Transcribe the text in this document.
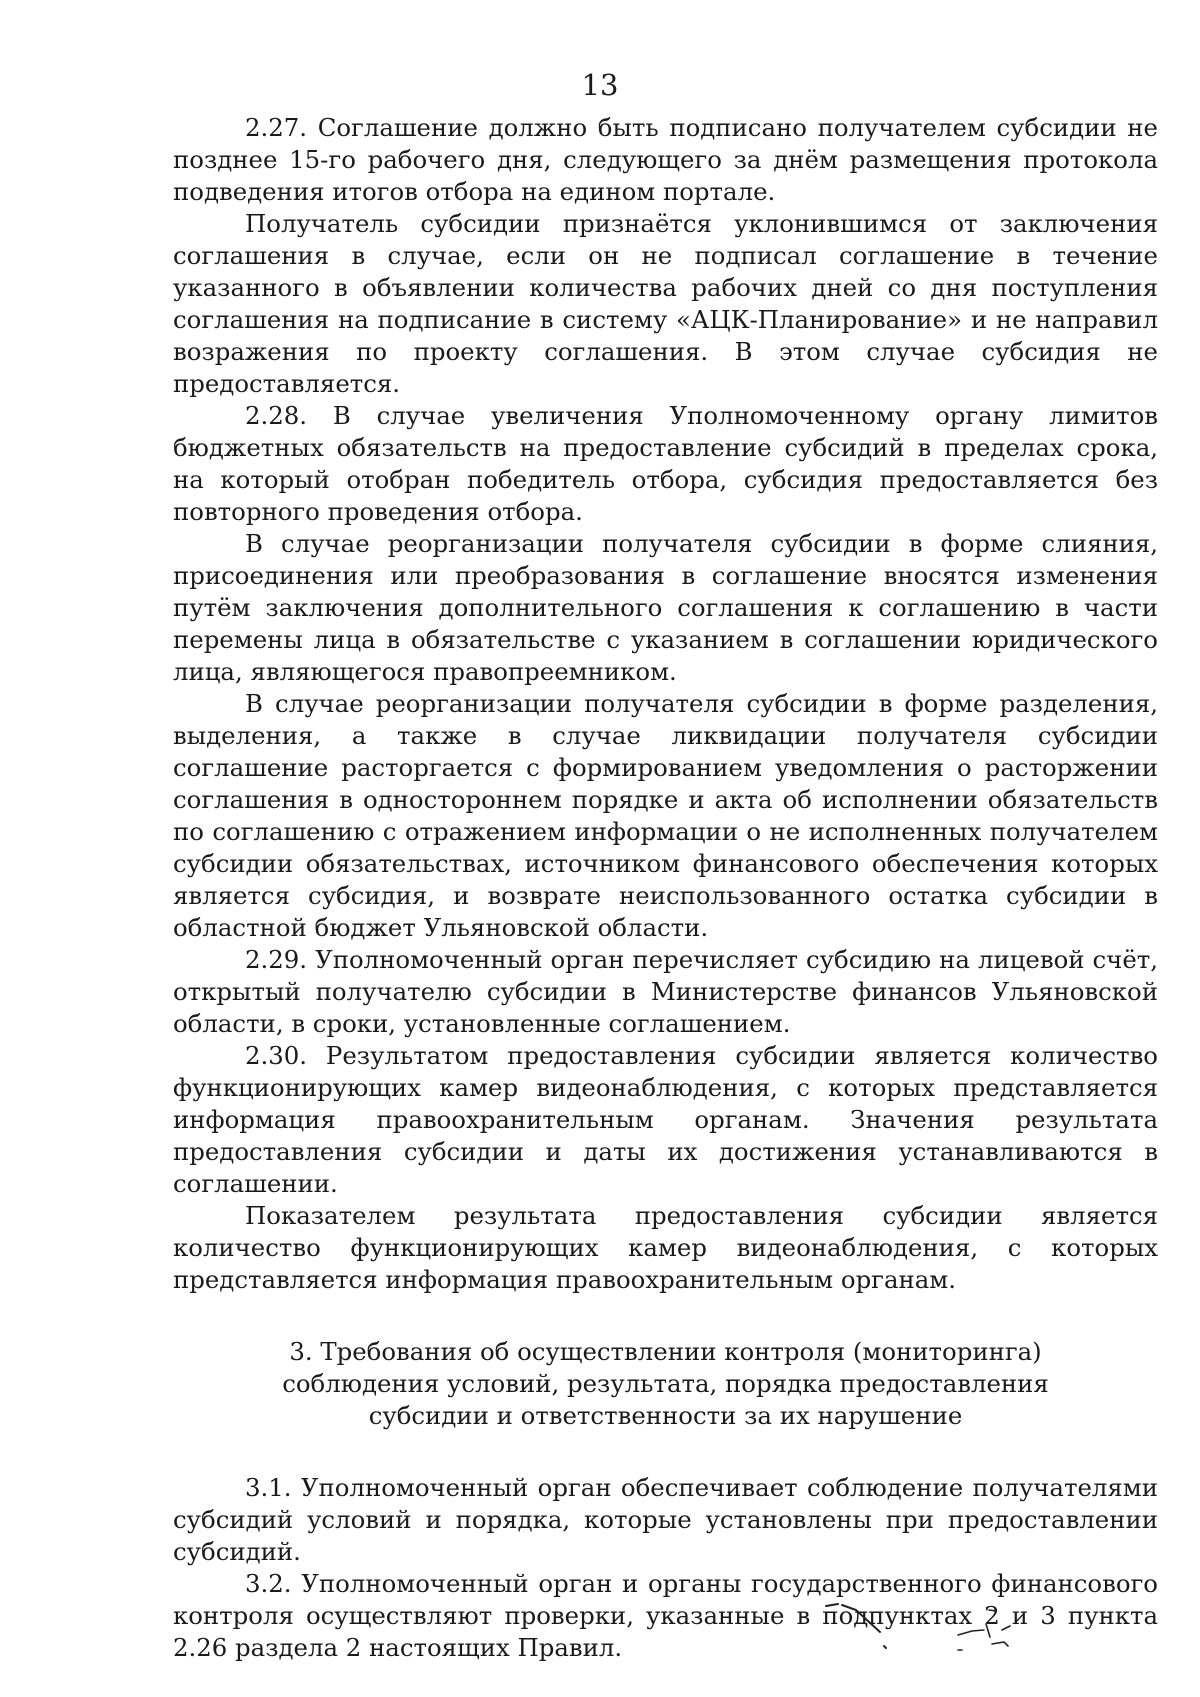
13

2.27. Соглашение должно быть подписано получателем субсидии не позднее 15-го рабочего дня, следующего за днём размещения протокола подведения итогов отбора на едином портале.

Получатель субсидии признаётся уклонившимся от заключения соглашения в случае, если он не подписал соглашение в течение указанного в объявлении количества рабочих дней со дня поступления соглашения на подписание в систему «АЦК-Планирование» и не направил возражения по проекту соглашения. В этом случае субсидия не предоставляется.

2.28. В случае увеличения Уполномоченному органу лимитов бюджетных обязательств на предоставление субсидий в пределах срока, на который отобран победитель отбора, субсидия предоставляется без повторного проведения отбора.

В случае реорганизации получателя субсидии в форме слияния, присоединения или преобразования в соглашение вносятся изменения путём заключения дополнительного соглашения к соглашению в части перемены лица в обязательстве с указанием в соглашении юридического лица, являющегося правопреемником.

В случае реорганизации получателя субсидии в форме разделения, выделения, а также в случае ликвидации получателя субсидии соглашение расторгается с формированием уведомления о расторжении соглашения в одностороннем порядке и акта об исполнении обязательств по соглашению с отражением информации о не исполненных получателем субсидии обязательствах, источником финансового обеспечения которых является субсидия, и возврате неиспользованного остатка субсидии в областной бюджет Ульяновской области.

2.29. Уполномоченный орган перечисляет субсидию на лицевой счёт, открытый получателю субсидии в Министерстве финансов Ульяновской области, в сроки, установленные соглашением.

2.30. Результатом предоставления субсидии является количество функционирующих камер видеонаблюдения, с которых представляется информация правоохранительным органам. Значения результата предоставления субсидии и даты их достижения устанавливаются в соглашении.

Показателем результата предоставления субсидии является количество функционирующих камер видеонаблюдения, с которых представляется информация правоохранительным органам.

3. Требования об осуществлении контроля (мониторинга)
соблюдения условий, результата, порядка предоставления
субсидии и ответственности за их нарушение

3.1. Уполномоченный орган обеспечивает соблюдение получателями субсидий условий и порядка, которые установлены при предоставлении субсидий.

3.2. Уполномоченный орган и органы государственного финансового контроля осуществляют проверки, указанные в подпунктах 2 и 3 пункта 2.26 раздела 2 настоящих Правил.
